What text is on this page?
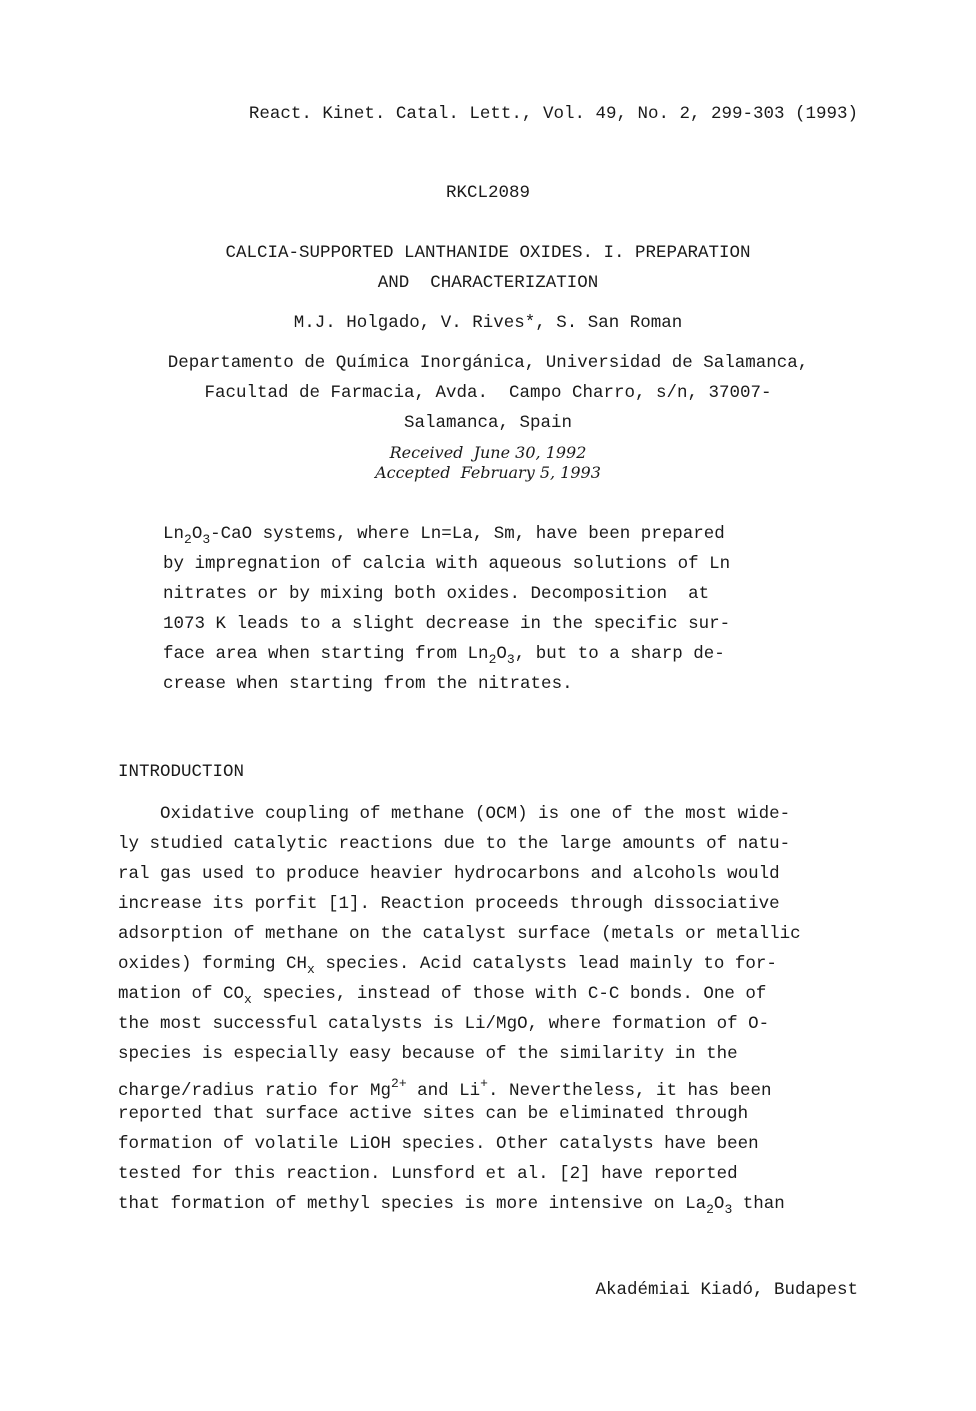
React. Kinet. Catal. Lett., Vol. 49, No. 2, 299-303 (1993)
RKCL2089
CALCIA-SUPPORTED LANTHANIDE OXIDES. I. PREPARATION
AND  CHARACTERIZATION
M.J. Holgado, V. Rives*, S. San Roman
Departamento de Química Inorgánica, Universidad de Salamanca,
Facultad de Farmacia, Avda.  Campo Charro, s/n, 37007-
Salamanca, Spain
Received  June 30, 1992
Accepted  February 5, 1993
$Ln_2O_3$-CaO systems, where Ln=La, Sm, have been prepared
by impregnation of calcia with aqueous solutions of Ln
nitrates or by mixing both oxides. Decomposition  at
1073 K leads to a slight decrease in the specific sur-
face area when starting from $Ln_2O_3$, but to a sharp de-
crease when starting from the nitrates.
INTRODUCTION
Oxidative coupling of methane (OCM) is one of the most wide-
ly studied catalytic reactions due to the large amounts of natu-
ral gas used to produce heavier hydrocarbons and alcohols would
increase its porfit [1]. Reaction proceeds through dissociative
adsorption of methane on the catalyst surface (metals or metallic
oxides) forming $CH_x$ species. Acid catalysts lead mainly to for-
mation of $CO_x$ species, instead of those with C-C bonds. One of
the most successful catalysts is Li/MgO, where formation of O-
species is especially easy because of the similarity in the
charge/radius ratio for $Mg^{2+}$ and Li+. Nevertheless, it has been
reported that surface active sites can be eliminated through
formation of volatile LiOH species. Other catalysts have been
tested for this reaction. Lunsford et al. [2] have reported
that formation of methyl species is more intensive on $La_2O_3$ than
Akadémiai Kiadó, Budapest
